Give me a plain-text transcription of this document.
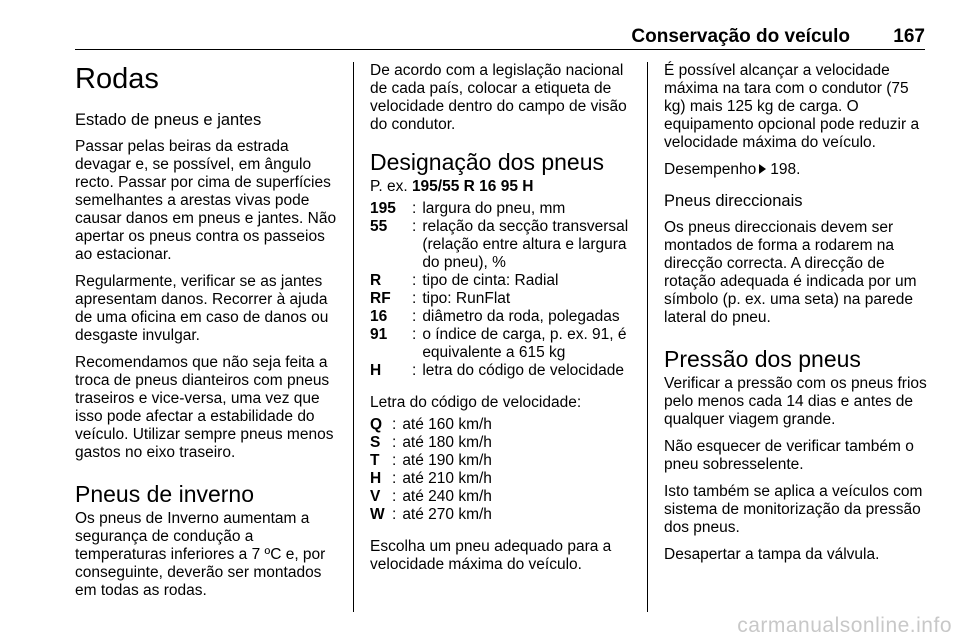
Conservação do veículo 167
Rodas
Estado de pneus e jantes

Passar pelas beiras da estrada devagar e, se possível, em ângulo recto. Passar por cima de superfícies semelhantes a arestas vivas pode causar danos em pneus e jantes. Não apertar os pneus contra os passeios ao estacionar.

Regularmente, verificar se as jantes apresentam danos. Recorrer à ajuda de uma oficina em caso de danos ou desgaste invulgar.

Recomendamos que não seja feita a troca de pneus dianteiros com pneus traseiros e vice-versa, uma vez que isso pode afectar a estabilidade do veículo. Utilizar sempre pneus menos gastos no eixo traseiro.

Pneus de inverno

Os pneus de Inverno aumentam a segurança de condução a temperaturas inferiores a 7 ºC e, por conseguinte, deverão ser montados em todas as rodas.

De acordo com a legislação nacional de cada país, colocar a etiqueta de velocidade dentro do campo de visão do condutor.

Designação dos pneus

P. ex. 195/55 R 16 95 H

195	: largura do pneu, mm
55	: relação da secção transversal (relação entre altura e largura do pneu), %
R	: tipo de cinta: Radial
RF	: tipo: RunFlat
16	: diâmetro da roda, polegadas
91	: o índice de carga, p. ex. 91, é equivalente a 615 kg
H	: letra do código de velocidade

Letra do código de velocidade:

Q : até 160 km/h
S : até 180 km/h
T : até 190 km/h
H : até 210 km/h
V : até 240 km/h
W : até 270 km/h

Escolha um pneu adequado para a velocidade máxima do veículo.

É possível alcançar a velocidade máxima na tara com o condutor (75 kg) mais 125 kg de carga. O equipamento opcional pode reduzir a velocidade máxima do veículo.

Desempenho 198.

Pneus direccionais

Os pneus direccionais devem ser montados de forma a rodarem na direcção correcta. A direcção de rotação adequada é indicada por um símbolo (p. ex. uma seta) na parede lateral do pneu.

Pressão dos pneus

Verificar a pressão com os pneus frios pelo menos cada 14 dias e antes de qualquer viagem grande.

Não esquecer de verificar também o pneu sobresselente.

Isto também se aplica a veículos com sistema de monitorização da pressão dos pneus.

Desapertar a tampa da válvula.

carmanualsonline.info
